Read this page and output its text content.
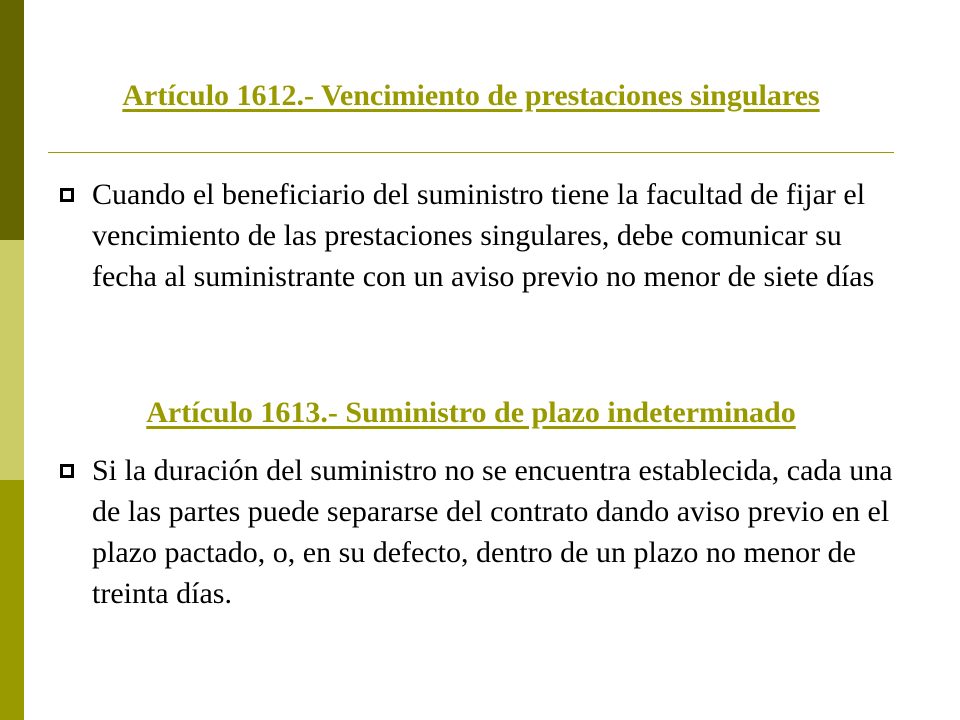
Artículo 1612.- Vencimiento de prestaciones singulares

Cuando el beneficiario del suministro tiene la facultad de fijar el vencimiento de las prestaciones singulares, debe comunicar su fecha al suministrante con un aviso previo no menor de siete días

Artículo 1613.- Suministro de plazo indeterminado

Si la duración del suministro no se encuentra establecida, cada una de las partes puede separarse del contrato dando aviso previo en el plazo pactado, o, en su defecto, dentro de un plazo no menor de treinta días.
